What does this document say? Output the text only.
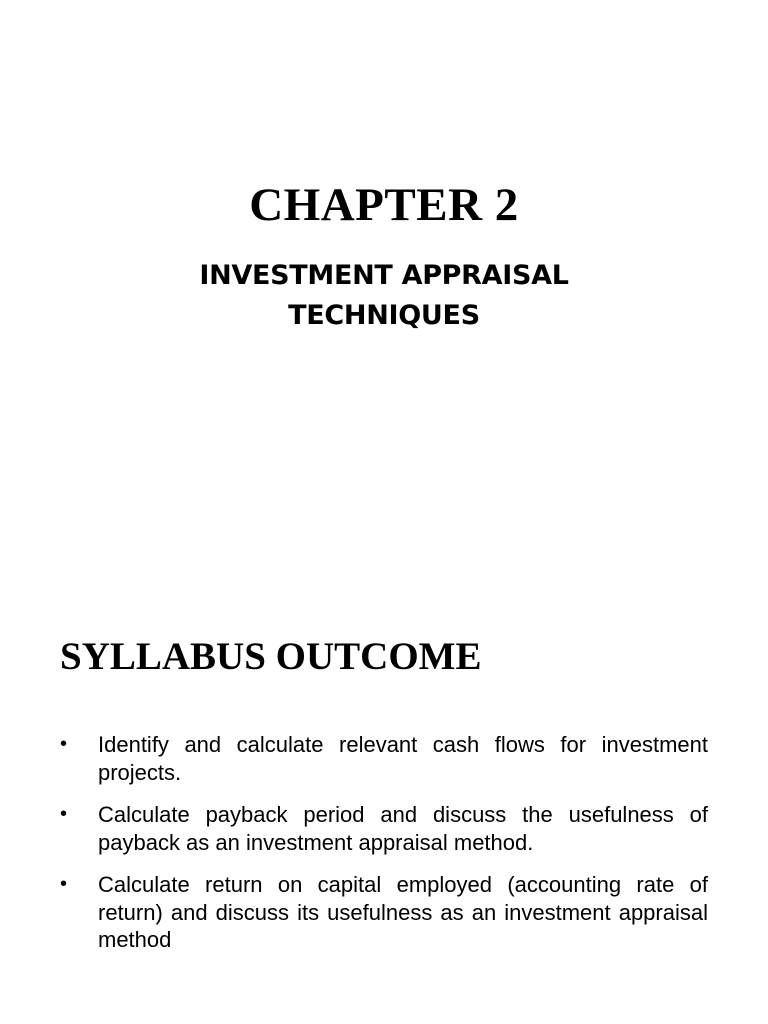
CHAPTER 2
INVESTMENT APPRAISAL
TECHNIQUES
SYLLABUS OUTCOME
• Identify and calculate relevant cash flows for investment projects.
• Calculate payback period and discuss the usefulness of payback as an investment appraisal method.
• Calculate return on capital employed (accounting rate of return) and discuss its usefulness as an investment appraisal method
